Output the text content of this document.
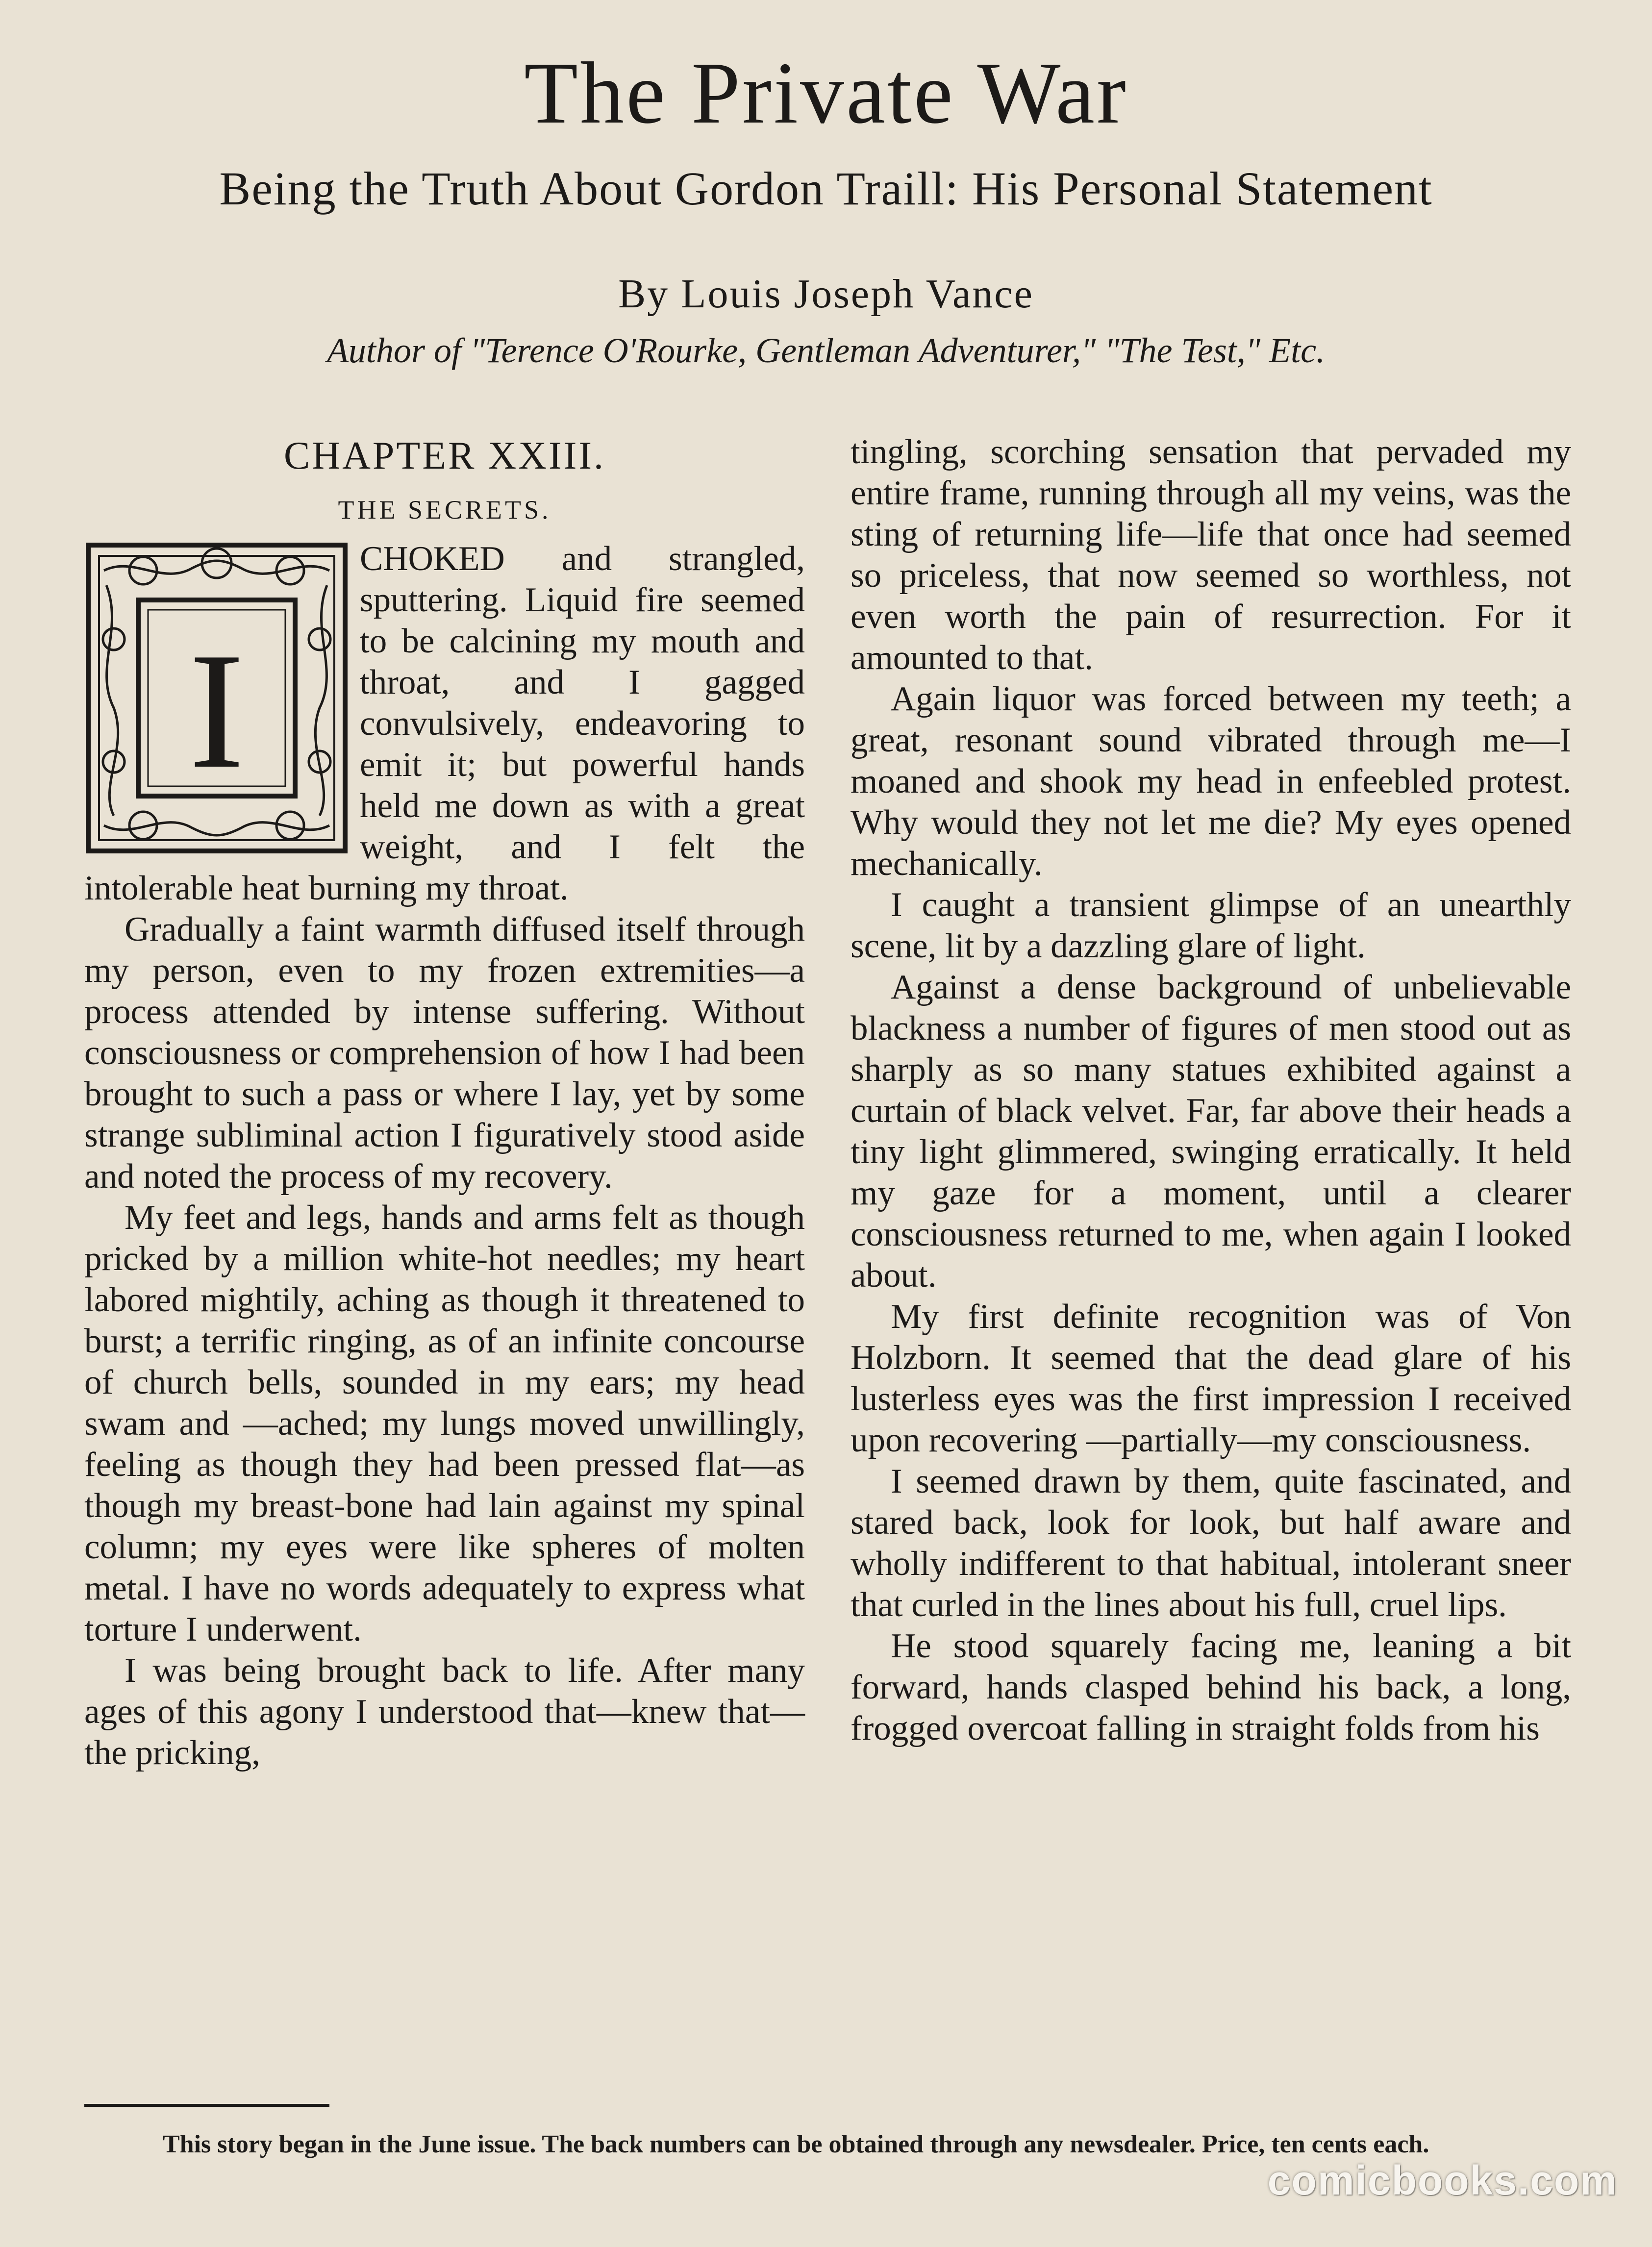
The Private War
Being the Truth About Gordon Traill: His Personal Statement
By Louis Joseph Vance
Author of "Terence O'Rourke, Gentleman Adventurer," "The Test," Etc.
CHAPTER XXIII.
THE SECRETS.
I

CHOKED and strangled, sputtering. Liquid fire seemed to be calcining my mouth and throat, and I gagged convulsively, endeavoring to emit it; but powerful hands held me down as with a great weight, and I felt the intolerable heat burning my throat.

Gradually a faint warmth diffused itself through my person, even to my frozen extremities—a process attended by intense suffering. Without consciousness or comprehension of how I had been brought to such a pass or where I lay, yet by some strange subliminal action I figuratively stood aside and noted the process of my recovery.

My feet and legs, hands and arms felt as though pricked by a million white-hot needles; my heart labored mightily, aching as though it threatened to burst; a terrific ringing, as of an infinite concourse of church bells, sounded in my ears; my head swam and —ached; my lungs moved unwillingly, feeling as though they had been pressed flat—as though my breast-bone had lain against my spinal column; my eyes were like spheres of molten metal. I have no words adequately to express what torture I underwent.

I was being brought back to life. After many ages of this agony I understood that—knew that—the pricking,

tingling, scorching sensation that pervaded my entire frame, running through all my veins, was the sting of returning life—life that once had seemed so priceless, that now seemed so worthless, not even worth the pain of resurrection. For it amounted to that.

Again liquor was forced between my teeth; a great, resonant sound vibrated through me—I moaned and shook my head in enfeebled protest. Why would they not let me die? My eyes opened mechanically.

I caught a transient glimpse of an unearthly scene, lit by a dazzling glare of light.

Against a dense background of unbelievable blackness a number of figures of men stood out as sharply as so many statues exhibited against a curtain of black velvet. Far, far above their heads a tiny light glimmered, swinging erratically. It held my gaze for a moment, until a clearer consciousness returned to me, when again I looked about.

My first definite recognition was of Von Holzborn. It seemed that the dead glare of his lusterless eyes was the first impression I received upon recovering —partially—my consciousness.

I seemed drawn by them, quite fascinated, and stared back, look for look, but half aware and wholly indifferent to that habitual, intolerant sneer that curled in the lines about his full, cruel lips.

He stood squarely facing me, leaning a bit forward, hands clasped behind his back, a long, frogged overcoat falling in straight folds from his

This story began in the June issue. The back numbers can be obtained through any newsdealer. Price, ten cents each.
comicbooks.com
